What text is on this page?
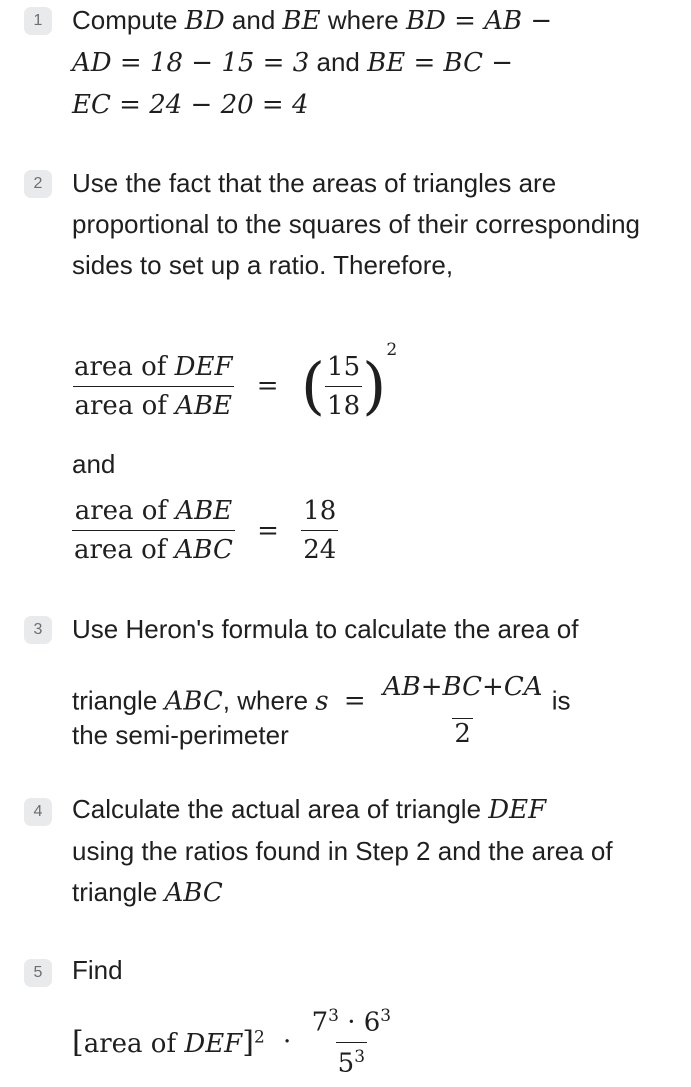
1	Compute BD and BE where BD = AB −
AD = 18 − 15 = 3 and BE = BC −
EC = 24 − 20 = 4
2	Use the fact that the areas of triangles are proportional to the squares of their corresponding sides to set up a ratio. Therefore,
$\frac{\text{area of DEF}}{\text{area of ABE}}$ = ( $\frac{15}{18} )^2$
and
$\frac{\text{area of ABE}}{\text{area of ABC}} = \frac{18}{24}$
3	Use Heron's formula to calculate the area of
triangle ABC, where $s = \frac{AB+BC+CA}{2}$ is
the semi-perimeter
4	Calculate the actual area of triangle DEF
using the ratios found in Step 2 and the area of
triangle ABC
5	Find
[area of $DEF]^2 \cdot \frac{7^3 \cdot 6^3}{5^3}$
